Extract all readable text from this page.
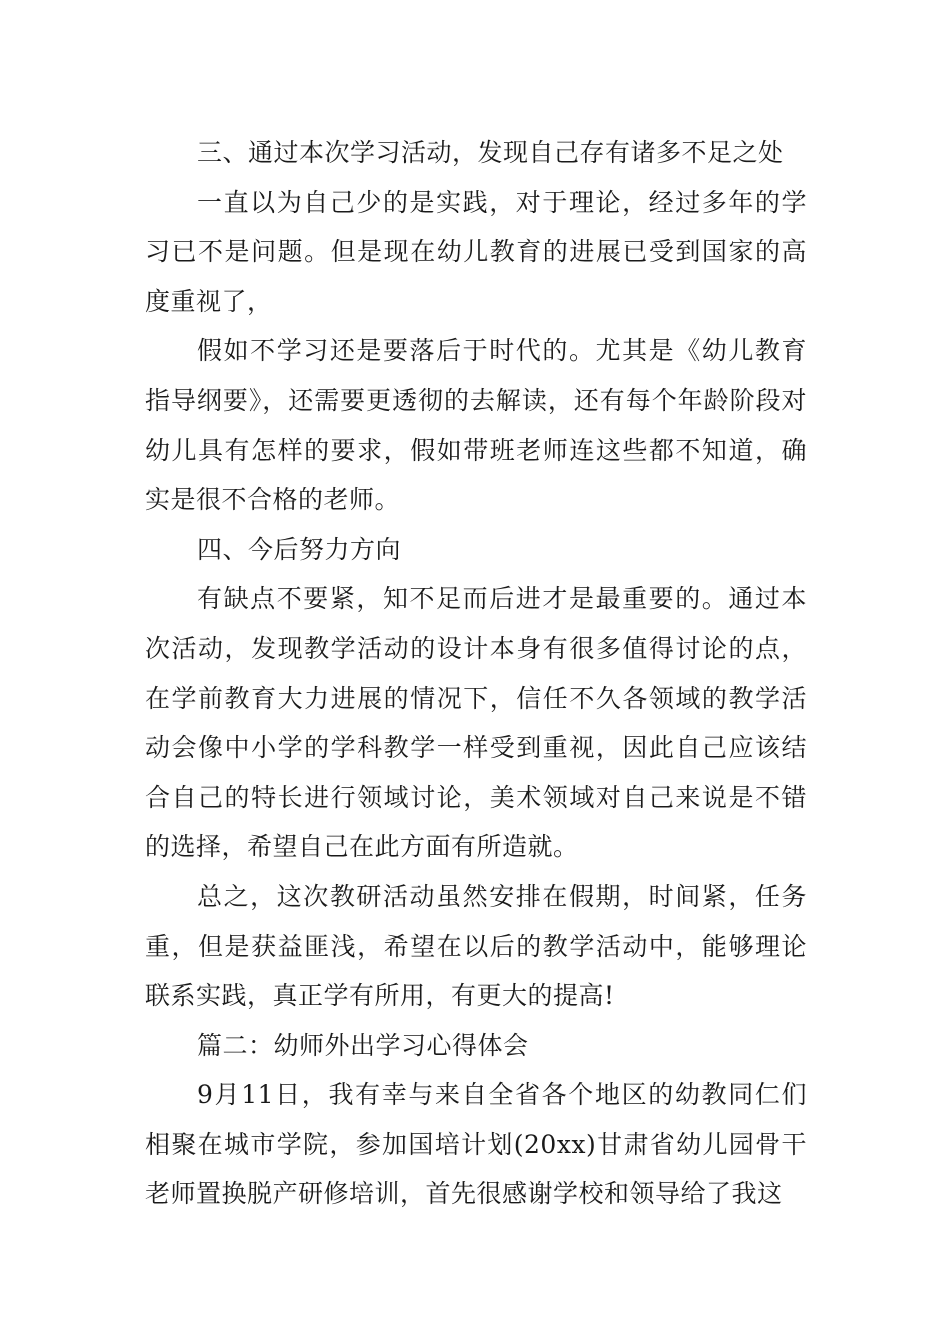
三、通过本次学习活动，发现自己存有诸多不足之处

一直以为自己少的是实践，对于理论，经过多年的学习已不是问题。但是现在幼儿教育的进展已受到国家的高度重视了，

假如不学习还是要落后于时代的。尤其是《幼儿教育指导纲要》，还需要更透彻的去解读，还有每个年龄阶段对幼儿具有怎样的要求，假如带班老师连这些都不知道，确实是很不合格的老师。

四、今后努力方向

有缺点不要紧，知不足而后进才是最重要的。通过本次活动，发现教学活动的设计本身有很多值得讨论的点，在学前教育大力进展的情况下，信任不久各领域的教学活动会像中小学的学科教学一样受到重视，因此自己应该结合自己的特长进行领域讨论，美术领域对自己来说是不错的选择，希望自己在此方面有所造就。

总之，这次教研活动虽然安排在假期，时间紧，任务重，但是获益匪浅，希望在以后的教学活动中，能够理论联系实践，真正学有所用，有更大的提高!

篇二：幼师外出学习心得体会

9月11日，我有幸与来自全省各个地区的幼教同仁们相聚在城市学院，参加国培计划(20xx)甘肃省幼儿园骨干老师置换脱产研修培训，首先很感谢学校和领导给了我这
